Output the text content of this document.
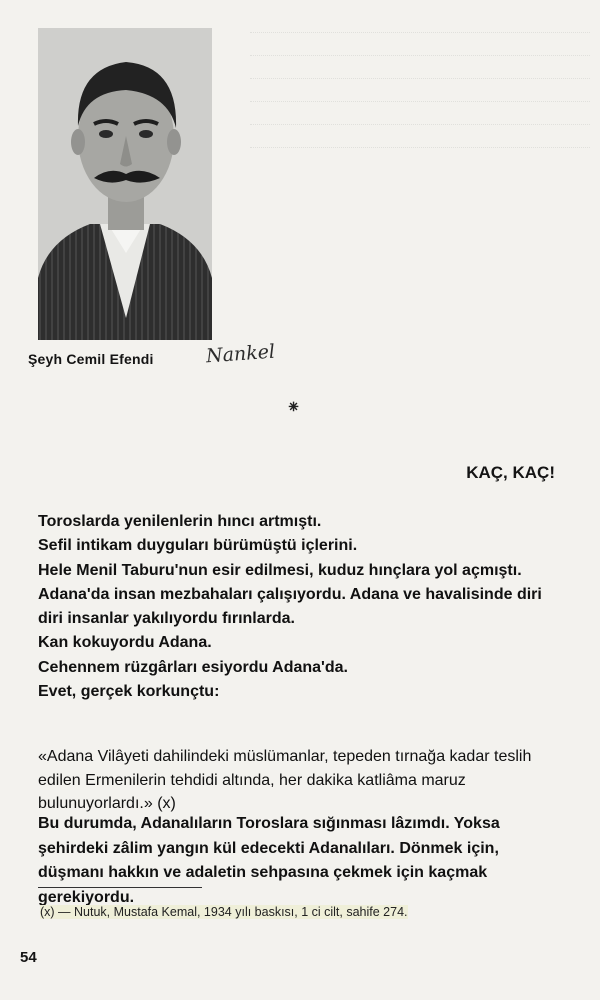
Şeyh Cemil Efendi	Nankel
⁕
KAÇ, KAÇ!

Toroslarda yenilenlerin hıncı artmıştı.

Sefil intikam duyguları bürümüştü içlerini.

Hele Menil Taburu'nun esir edilmesi, kuduz hınçlara yol açmıştı.

Adana'da insan mezbahaları çalışıyordu. Adana ve havalisinde diri diri insanlar yakılıyordu fırınlarda.

Kan kokuyordu Adana.

Cehennem rüzgârları esiyordu Adana'da.

Evet, gerçek korkunçtu:

«Adana Vilâyeti dahilindeki müslümanlar, tepeden tırnağa kadar teslih edilen Ermenilerin tehdidi altında, her dakika katliâma maruz bulunuyorlardı.» (x)

Bu durumda, Adanalıların Toroslara sığınması lâzımdı. Yoksa şehirdeki zâlim yangın kül edecekti Adanalıları. Dönmek için, düşmanı hakkın ve adaletin sehpasına çekmek için kaçmak gerekiyordu.

(x) — Nutuk, Mustafa Kemal, 1934 yılı baskısı, 1 ci cilt, sahife 274.
54
